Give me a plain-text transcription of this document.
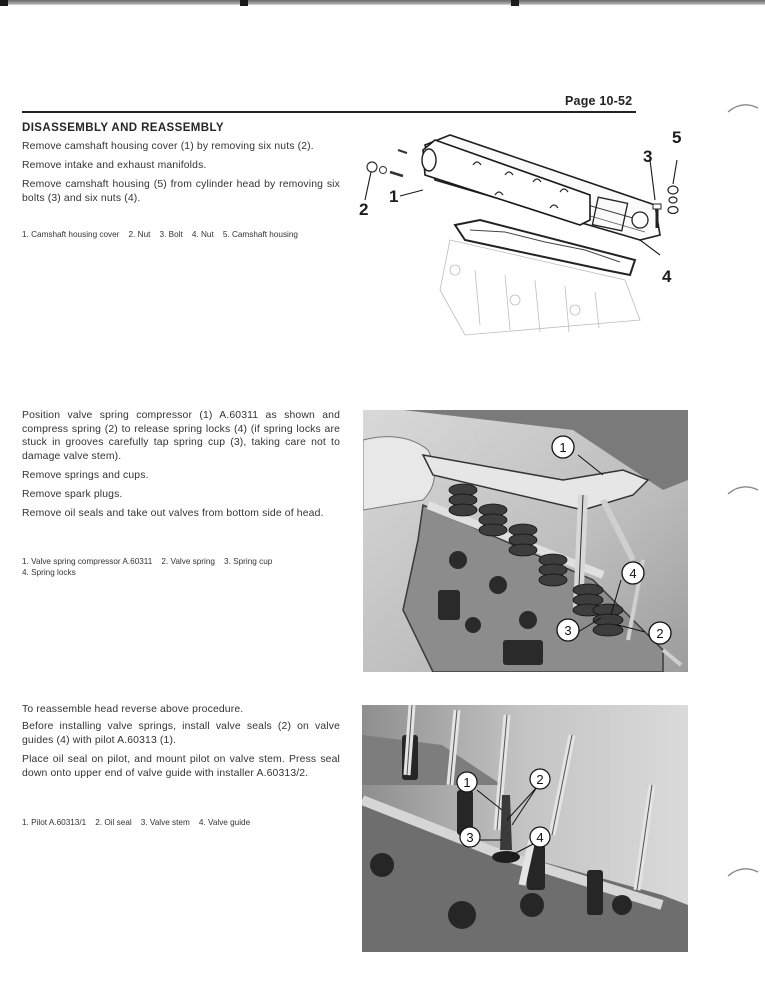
Page 10-52
DISASSEMBLY AND REASSEMBLY

Remove camshaft housing cover (1) by removing six nuts (2).

Remove intake and exhaust manifolds.

Remove camshaft housing (5) from cylinder head by removing six bolts (3) and six nuts (4).

1. Camshaft housing cover 2. Nut 3. Bolt 4. Nut 5. Camshaft housing
1
2
3
4
5

Position valve spring compressor (1) A.60311 as shown and compress spring (2) to release spring locks (4) (if spring locks are stuck in grooves carefully tap spring cup (3), taking care not to damage valve stem).

Remove springs and cups.

Remove spark plugs.

Remove oil seals and take out valves from bottom side of head.

1. Valve spring compressor A.60311    2. Valve spring    3. Spring cup
4. Spring locks
1
2
3
4

To reassemble head reverse above procedure.

Before installing valve springs, install valve seals (2) on valve guides (4) with pilot A.60313 (1).

Place oil seal on pilot, and mount pilot on valve stem. Press seal down onto upper end of valve guide with installer A.60313/2.

1. Pilot A.60313/1    2. Oil seal    3. Valve stem    4. Valve guide
1	2
3	4
